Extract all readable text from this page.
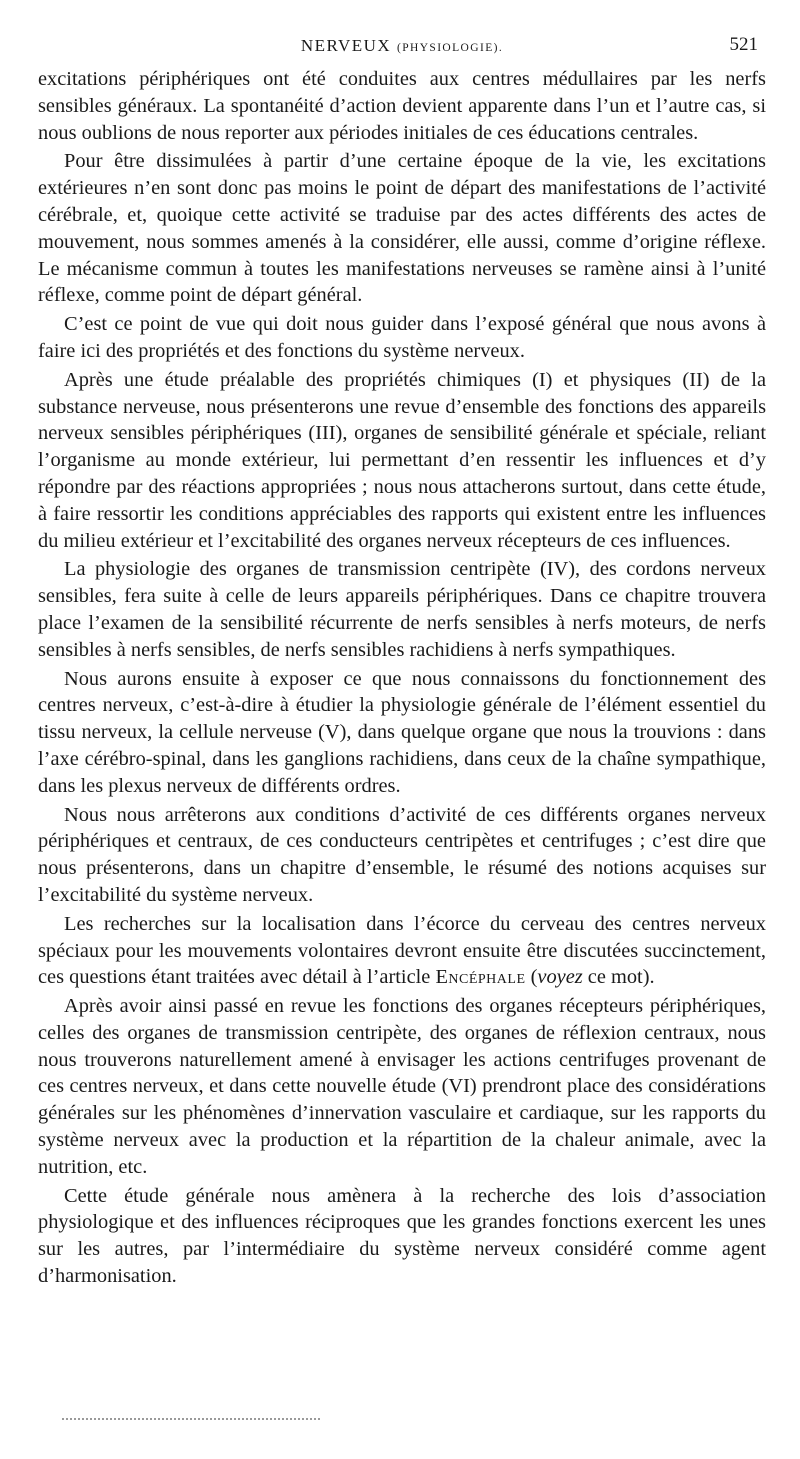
NERVEUX (PHYSIOLOGIE).	521

excitations périphériques ont été conduites aux centres médullaires par les nerfs sensibles généraux. La spontanéité d’action devient apparente dans l’un et l’autre cas, si nous oublions de nous reporter aux périodes initiales de ces éducations centrales.

Pour être dissimulées à partir d’une certaine époque de la vie, les excitations extérieures n’en sont donc pas moins le point de départ des manifestations de l’activité cérébrale, et, quoique cette activité se traduise par des actes différents des actes de mouvement, nous sommes amenés à la considérer, elle aussi, comme d’origine réflexe. Le mécanisme commun à toutes les manifestations nerveuses se ramène ainsi à l’unité réflexe, comme point de départ général.

C’est ce point de vue qui doit nous guider dans l’exposé général que nous avons à faire ici des propriétés et des fonctions du système nerveux.

Après une étude préalable des propriétés chimiques (I) et physiques (II) de la substance nerveuse, nous présenterons une revue d’ensemble des fonctions des appareils nerveux sensibles périphériques (III), organes de sensibilité générale et spéciale, reliant l’organisme au monde extérieur, lui permettant d’en ressentir les influences et d’y répondre par des réactions appropriées ; nous nous attacherons surtout, dans cette étude, à faire ressortir les conditions appréciables des rapports qui existent entre les influences du milieu extérieur et l’excitabilité des organes nerveux récepteurs de ces influences.

La physiologie des organes de transmission centripète (IV), des cordons nerveux sensibles, fera suite à celle de leurs appareils périphériques. Dans ce chapitre trouvera place l’examen de la sensibilité récurrente de nerfs sensibles à nerfs moteurs, de nerfs sensibles à nerfs sensibles, de nerfs sensibles rachidiens à nerfs sympathiques.

Nous aurons ensuite à exposer ce que nous connaissons du fonctionnement des centres nerveux, c’est-à-dire à étudier la physiologie générale de l’élément essentiel du tissu nerveux, la cellule nerveuse (V), dans quelque organe que nous la trouvions : dans l’axe cérébro-spinal, dans les ganglions rachidiens, dans ceux de la chaîne sympathique, dans les plexus nerveux de différents ordres.

Nous nous arrêterons aux conditions d’activité de ces différents organes nerveux périphériques et centraux, de ces conducteurs centripètes et centrifuges ; c’est dire que nous présenterons, dans un chapitre d’ensemble, le résumé des notions acquises sur l’excitabilité du système nerveux.

Les recherches sur la localisation dans l’écorce du cerveau des centres nerveux spéciaux pour les mouvements volontaires devront ensuite être discutées succinctement, ces questions étant traitées avec détail à l’article Encéphale (voyez ce mot).

Après avoir ainsi passé en revue les fonctions des organes récepteurs périphériques, celles des organes de transmission centripète, des organes de réflexion centraux, nous nous trouverons naturellement amené à envisager les actions centrifuges provenant de ces centres nerveux, et dans cette nouvelle étude (VI) prendront place des considérations générales sur les phénomènes d’innervation vasculaire et cardiaque, sur les rapports du système nerveux avec la production et la répartition de la chaleur animale, avec la nutrition, etc.

Cette étude générale nous amènera à la recherche des lois d’association physiologique et des influences réciproques que les grandes fonctions exercent les unes sur les autres, par l’intermédiaire du système nerveux considéré comme agent d’harmonisation.
